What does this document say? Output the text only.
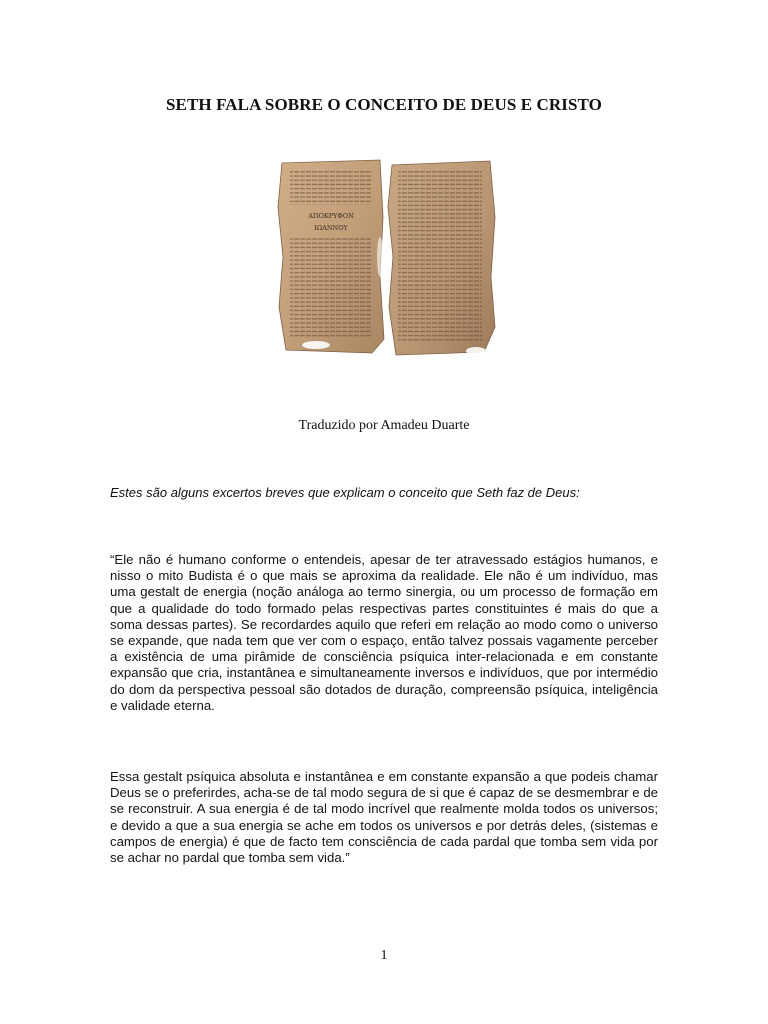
SETH FALA SOBRE O CONCEITO DE DEUS E CRISTO
ΑΠΟΚΡΥΦΟΝ
ΙΩΑΝΝΟΥ
Traduzido por Amadeu Duarte
Estes são alguns excertos breves que explicam o conceito que Seth faz de Deus:
“Ele não é humano conforme o entendeis, apesar de ter atravessado estágios humanos, e nisso o mito Budista é o que mais se aproxima da realidade. Ele não é um indivíduo, mas uma gestalt de energia (noção análoga ao termo sinergia, ou um processo de formação em que a qualidade do todo formado pelas respectivas partes constituintes é mais do que a soma dessas partes). Se recordardes aquilo que referi em relação ao modo como o universo se expande, que nada tem que ver com o espaço, então talvez possais vagamente perceber a existência de uma pirâmide de consciência psíquica inter-relacionada e em constante expansão que cria, instantânea e simultaneamente inversos e indivíduos, que por intermédio do dom da perspectiva pessoal são dotados de duração, compreensão psíquica, inteligência e validade eterna.
Essa gestalt psíquica absoluta e instantânea e em constante expansão a que podeis chamar Deus se o preferirdes, acha-se de tal modo segura de si que é capaz de se desmembrar e de se reconstruir. A sua energia é de tal modo incrível que realmente molda todos os universos; e devido a que a sua energia se ache em todos os universos e por detrás deles, (sistemas e campos de energia) é que de facto tem consciência de cada pardal que tomba sem vida por se achar no pardal que tomba sem vida.”
1
